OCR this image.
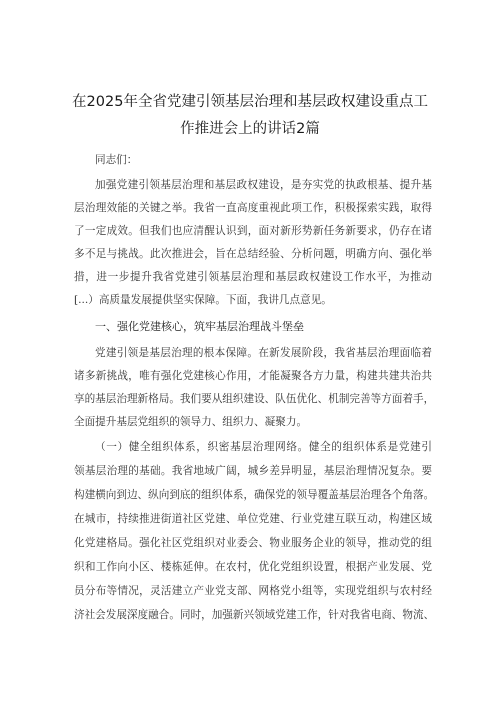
在2025年全省党建引领基层治理和基层政权建设重点工
作推进会上的讲话2篇
同志们：
加强党建引领基层治理和基层政权建设，是夯实党的执政根基、提升基
层治理效能的关键之举。我省一直高度重视此项工作，积极探索实践，取得
了一定成效。但我们也应清醒认识到，面对新形势新任务新要求，仍存在诸
多不足与挑战。此次推进会，旨在总结经验、分析问题，明确方向、强化举
措，进一步提升我省党建引领基层治理和基层政权建设工作水平，为推动
[...）高质量发展提供坚实保障。下面，我讲几点意见。
一、强化党建核心，筑牢基层治理战斗堡垒
党建引领是基层治理的根本保障。在新发展阶段，我省基层治理面临着
诸多新挑战，唯有强化党建核心作用，才能凝聚各方力量，构建共建共治共
享的基层治理新格局。我们要从组织建设、队伍优化、机制完善等方面着手，
全面提升基层党组织的领导力、组织力、凝聚力。
（一）健全组织体系，织密基层治理网络。健全的组织体系是党建引
领基层治理的基础。我省地域广阔，城乡差异明显，基层治理情况复杂。要
构建横向到边、纵向到底的组织体系，确保党的领导覆盖基层治理各个角落。
在城市，持续推进街道社区党建、单位党建、行业党建互联互动，构建区域
化党建格局。强化社区党组织对业委会、物业服务企业的领导，推动党的组
织和工作向小区、楼栋延伸。在农村，优化党组织设置，根据产业发展、党
员分布等情况，灵活建立产业党支部、网格党小组等，实现党组织与农村经
济社会发展深度融合。同时，加强新兴领域党建工作，针对我省电商、物流、
